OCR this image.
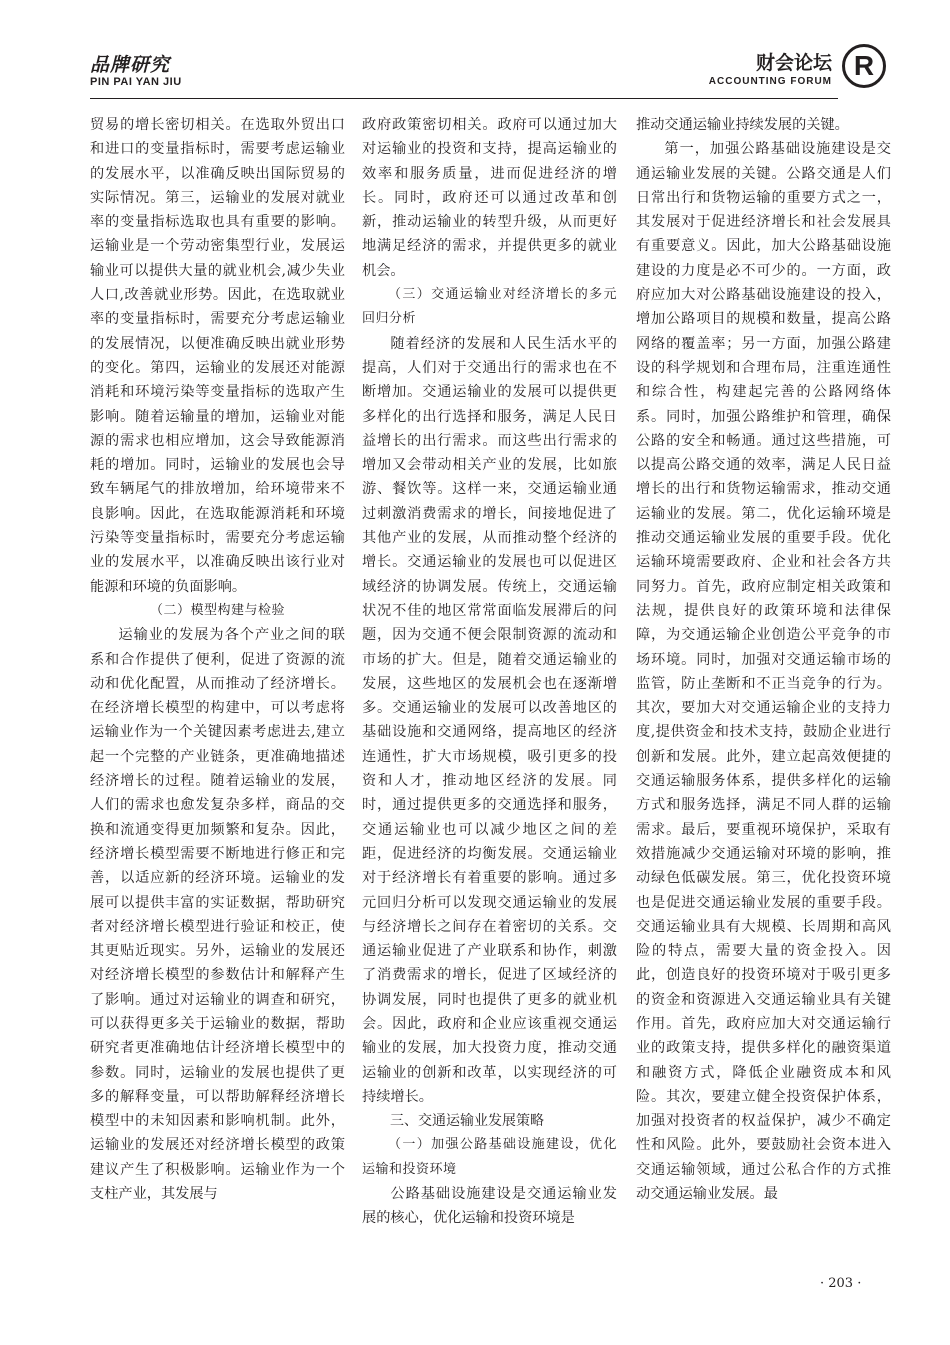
品牌研究
PIN PAI YAN JIU
财会论坛
ACCOUNTING FORUM
R

贸易的增长密切相关。在选取外贸出口和进口的变量指标时，需要考虑运输业的发展水平，以准确反映出国际贸易的实际情况。第三，运输业的发展对就业率的变量指标选取也具有重要的影响。运输业是一个劳动密集型行业，发展运输业可以提供大量的就业机会,减少失业人口,改善就业形势。因此，在选取就业率的变量指标时，需要充分考虑运输业的发展情况，以便准确反映出就业形势的变化。第四，运输业的发展还对能源消耗和环境污染等变量指标的选取产生影响。随着运输量的增加，运输业对能源的需求也相应增加，这会导致能源消耗的增加。同时，运输业的发展也会导致车辆尾气的排放增加，给环境带来不良影响。因此，在选取能源消耗和环境污染等变量指标时，需要充分考虑运输业的发展水平，以准确反映出该行业对能源和环境的负面影响。

（二）模型构建与检验

运输业的发展为各个产业之间的联系和合作提供了便利，促进了资源的流动和优化配置，从而推动了经济增长。在经济增长模型的构建中，可以考虑将运输业作为一个关键因素考虑进去,建立起一个完整的产业链条，更准确地描述经济增长的过程。随着运输业的发展，人们的需求也愈发复杂多样，商品的交换和流通变得更加频繁和复杂。因此，经济增长模型需要不断地进行修正和完善，以适应新的经济环境。运输业的发展可以提供丰富的实证数据，帮助研究者对经济增长模型进行验证和校正，使其更贴近现实。另外，运输业的发展还对经济增长模型的参数估计和解释产生了影响。通过对运输业的调查和研究，可以获得更多关于运输业的数据，帮助研究者更准确地估计经济增长模型中的参数。同时，运输业的发展也提供了更多的解释变量，可以帮助解释经济增长模型中的未知因素和影响机制。此外，运输业的发展还对经济增长模型的政策建议产生了积极影响。运输业作为一个支柱产业，其发展与

政府政策密切相关。政府可以通过加大对运输业的投资和支持，提高运输业的效率和服务质量，进而促进经济的增长。同时，政府还可以通过改革和创新，推动运输业的转型升级，从而更好地满足经济的需求，并提供更多的就业机会。

（三）交通运输业对经济增长的多元回归分析

随着经济的发展和人民生活水平的提高，人们对于交通出行的需求也在不断增加。交通运输业的发展可以提供更多样化的出行选择和服务，满足人民日益增长的出行需求。而这些出行需求的增加又会带动相关产业的发展，比如旅游、餐饮等。这样一来，交通运输业通过刺激消费需求的增长，间接地促进了其他产业的发展，从而推动整个经济的增长。交通运输业的发展也可以促进区域经济的协调发展。传统上，交通运输状况不佳的地区常常面临发展滞后的问题，因为交通不便会限制资源的流动和市场的扩大。但是，随着交通运输业的发展，这些地区的发展机会也在逐渐增多。交通运输业的发展可以改善地区的基础设施和交通网络，提高地区的经济连通性，扩大市场规模，吸引更多的投资和人才，推动地区经济的发展。同时，通过提供更多的交通选择和服务，交通运输业也可以减少地区之间的差距，促进经济的均衡发展。交通运输业对于经济增长有着重要的影响。通过多元回归分析可以发现交通运输业的发展与经济增长之间存在着密切的关系。交通运输业促进了产业联系和协作，刺激了消费需求的增长，促进了区域经济的协调发展，同时也提供了更多的就业机会。因此，政府和企业应该重视交通运输业的发展，加大投资力度，推动交通运输业的创新和改革，以实现经济的可持续增长。

三、交通运输业发展策略

（一）加强公路基础设施建设，优化运输和投资环境

公路基础设施建设是交通运输业发展的核心，优化运输和投资环境是

推动交通运输业持续发展的关键。

第一，加强公路基础设施建设是交通运输业发展的关键。公路交通是人们日常出行和货物运输的重要方式之一，其发展对于促进经济增长和社会发展具有重要意义。因此，加大公路基础设施建设的力度是必不可少的。一方面，政府应加大对公路基础设施建设的投入，增加公路项目的规模和数量，提高公路网络的覆盖率；另一方面，加强公路建设的科学规划和合理布局，注重连通性和综合性，构建起完善的公路网络体系。同时，加强公路维护和管理，确保公路的安全和畅通。通过这些措施，可以提高公路交通的效率，满足人民日益增长的出行和货物运输需求，推动交通运输业的发展。第二，优化运输环境是推动交通运输业发展的重要手段。优化运输环境需要政府、企业和社会各方共同努力。首先，政府应制定相关政策和法规，提供良好的政策环境和法律保障，为交通运输企业创造公平竞争的市场环境。同时，加强对交通运输市场的监管，防止垄断和不正当竞争的行为。其次，要加大对交通运输企业的支持力度,提供资金和技术支持，鼓励企业进行创新和发展。此外，建立起高效便捷的交通运输服务体系，提供多样化的运输方式和服务选择，满足不同人群的运输需求。最后，要重视环境保护，采取有效措施减少交通运输对环境的影响，推动绿色低碳发展。第三，优化投资环境也是促进交通运输业发展的重要手段。交通运输业具有大规模、长周期和高风险的特点，需要大量的资金投入。因此，创造良好的投资环境对于吸引更多的资金和资源进入交通运输业具有关键作用。首先，政府应加大对交通运输行业的政策支持，提供多样化的融资渠道和融资方式，降低企业融资成本和风险。其次，要建立健全投资保护体系，加强对投资者的权益保护，减少不确定性和风险。此外，要鼓励社会资本进入交通运输领域，通过公私合作的方式推动交通运输业发展。最

· 203 ·
